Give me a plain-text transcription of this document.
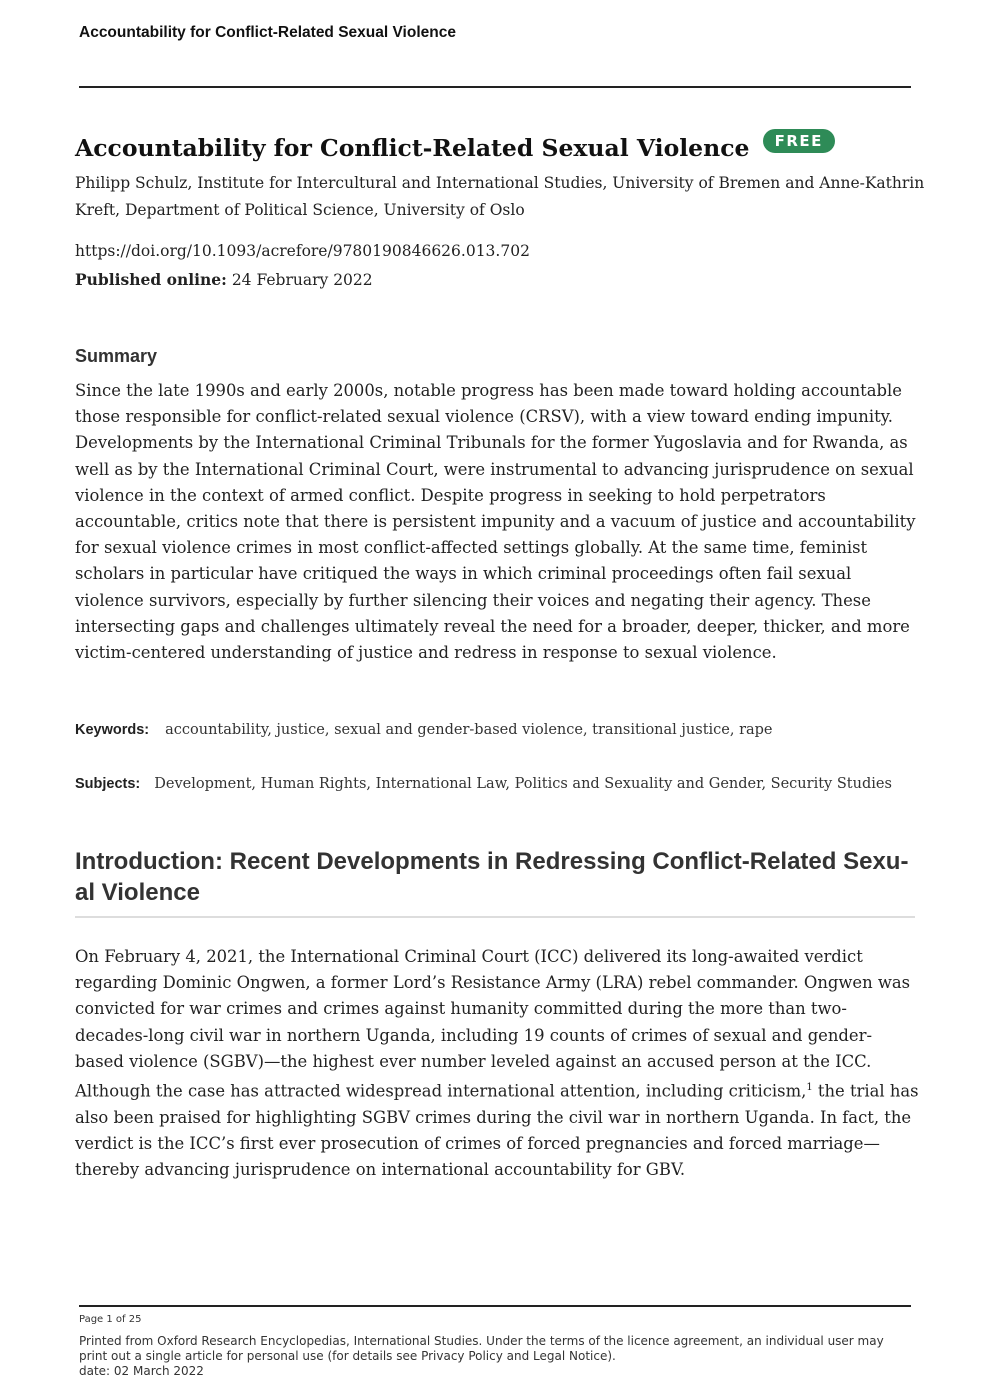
Accountability for Conflict-Related Sexual Violence
Accountability for Conflict-Related Sexual Violence FREE
Philipp Schulz, Institute for Intercultural and International Studies, University of Bremen and Anne-Kathrin Kreft, Department of Political Science, University of Oslo
https://doi.org/10.1093/acrefore/9780190846626.013.702
Published online: 24 February 2022
Summary

Since the late 1990s and early 2000s, notable progress has been made toward holding accountable those responsible for conflict-related sexual violence (CRSV), with a view toward ending impunity. Developments by the International Criminal Tribunals for the former Yugoslavia and for Rwanda, as well as by the International Criminal Court, were instrumental to advancing jurisprudence on sexual violence in the context of armed conflict. Despite progress in seeking to hold perpetrators accountable, critics note that there is persistent impunity and a vacuum of justice and accountability for sexual violence crimes in most conflict-affected settings globally. At the same time, feminist scholars in particular have critiqued the ways in which criminal proceedings often fail sexual violence survivors, especially by further silencing their voices and negating their agency. These intersecting gaps and challenges ultimately reveal the need for a broader, deeper, thicker, and more victim-centered understanding of justice and redress in response to sexual violence.

Keywords: accountability, justice, sexual and gender-based violence, transitional justice, rape
Subjects: Development, Human Rights, International Law, Politics and Sexuality and Gender, Security Studies
Introduction: Recent Developments in Redressing Conflict-Related Sexu-al Violence

On February 4, 2021, the International Criminal Court (ICC) delivered its long-awaited verdict regarding Dominic Ongwen, a former Lord’s Resistance Army (LRA) rebel commander. Ongwen was convicted for war crimes and crimes against humanity committed during the more than two-decades-long civil war in northern Uganda, including 19 counts of crimes of sexual and gender-based violence (SGBV)—the highest ever number leveled against an accused person at the ICC. Although the case has attracted widespread international attention, including criticism,$^1$ the trial has also been praised for highlighting SGBV crimes during the civil war in northern Uganda. In fact, the verdict is the ICC’s first ever prosecution of crimes of forced pregnancies and forced marriage—thereby advancing jurisprudence on international accountability for GBV.

Page 1 of 25

Printed from Oxford Research Encyclopedias, International Studies. Under the terms of the licence agreement, an individual user may print out a single article for personal use (for details see Privacy Policy and Legal Notice).
date: 02 March 2022
